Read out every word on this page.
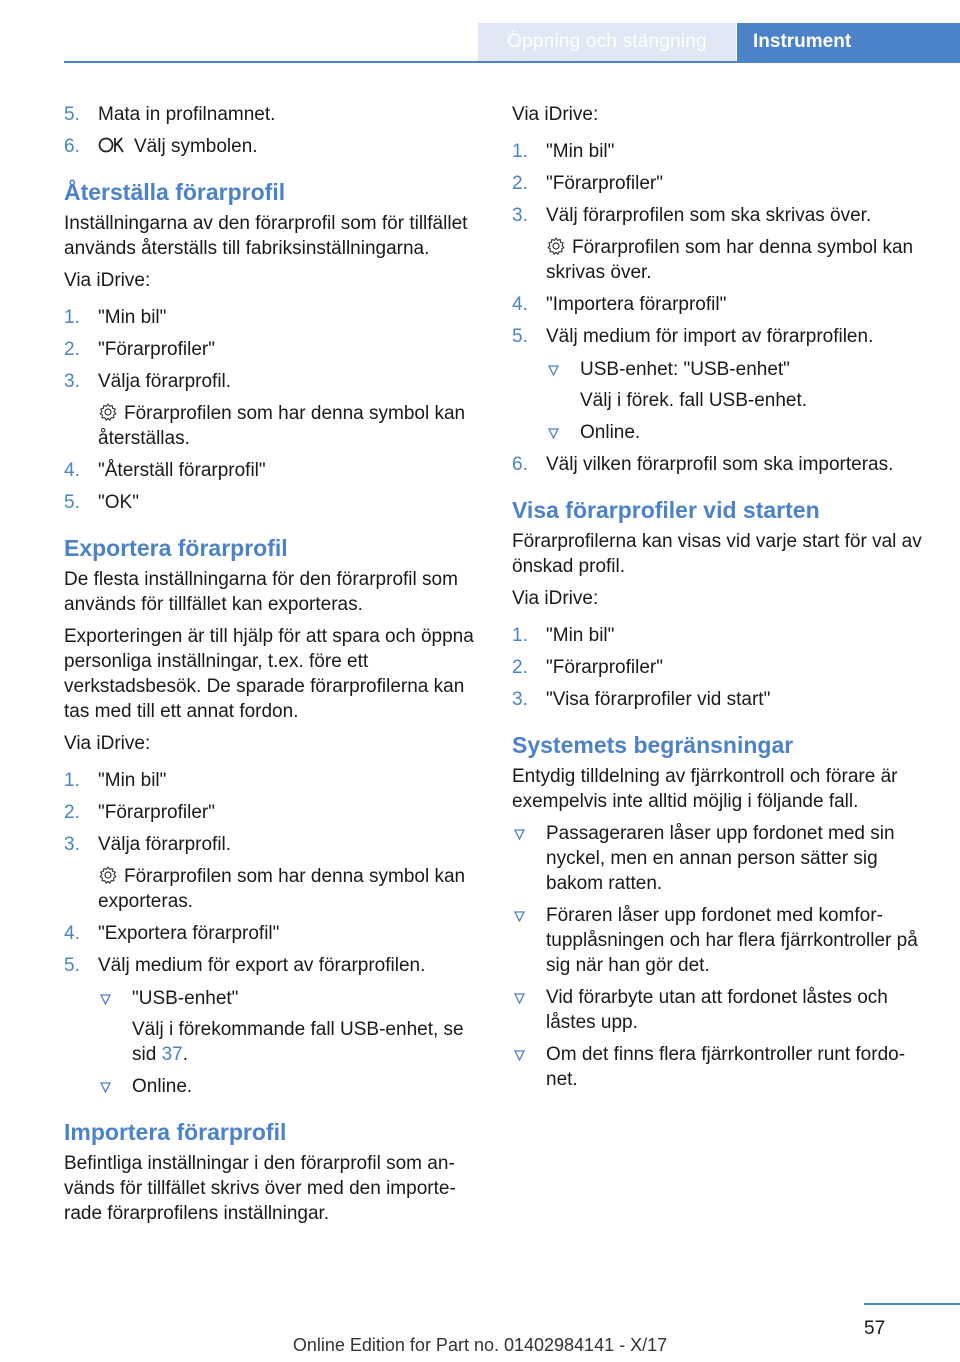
Öppning och stängning	Instrument
5. Mata in profilnamnet.
6.	Välj symbolen.
Återställa förarprofil

Inställningarna av den förarprofil som för tillfället används återställs till fabriksinställningarna.

Via iDrive:

1. "Min bil"
2. "Förarprofiler"
3. Välja förarprofil.
Förarprofilen som har denna symbol kan återställas.
4. "Återställ förarprofil"
5. "OK"
Exportera förarprofil

De flesta inställningarna för den förarprofil som används för tillfället kan exporteras.

Exporteringen är till hjälp för att spara och öppna personliga inställningar, t.ex. före ett verkstadsbesök. De sparade förarprofilerna kan tas med till ett annat fordon.

Via iDrive:

1. "Min bil"
2. "Förarprofiler"
3. Välja förarprofil.
Förarprofilen som har denna symbol kan exporteras.
4. "Exportera förarprofil"
5. Välj medium för export av förarprofilen.
"USB-enhet"
Välj i förekommande fall USB-enhet, se sid 37.
Online.
Importera förarprofil

Befintliga inställningar i den förarprofil som används för tillfället skrivs över med den importerade förarprofilens inställningar.

Via iDrive:

1. "Min bil"
2. "Förarprofiler"
3. Välj förarprofilen som ska skrivas över.
Förarprofilen som har denna symbol kan skrivas över.
4. "Importera förarprofil"
5. Välj medium för import av förarprofilen.
USB-enhet: "USB-enhet"
Välj i förek. fall USB-enhet.
Online.
6. Välj vilken förarprofil som ska importeras.
Visa förarprofiler vid starten

Förarprofilerna kan visas vid varje start för val av önskad profil.

Via iDrive:

1. "Min bil"
2. "Förarprofiler"
3. "Visa förarprofiler vid start"
Systemets begränsningar

Entydig tilldelning av fjärrkontroll och förare är exempelvis inte alltid möjlig i följande fall.

Passageraren låser upp fordonet med sin nyckel, men en annan person sätter sig bakom ratten.
Föraren låser upp fordonet med komfortupplåsningen och har flera fjärrkontroller på sig när han gör det.
Vid förarbyte utan att fordonet låstes och låstes upp.
Om det finns flera fjärrkontroller runt fordonet.
57
Online Edition for Part no. 01402984141 - X/17
